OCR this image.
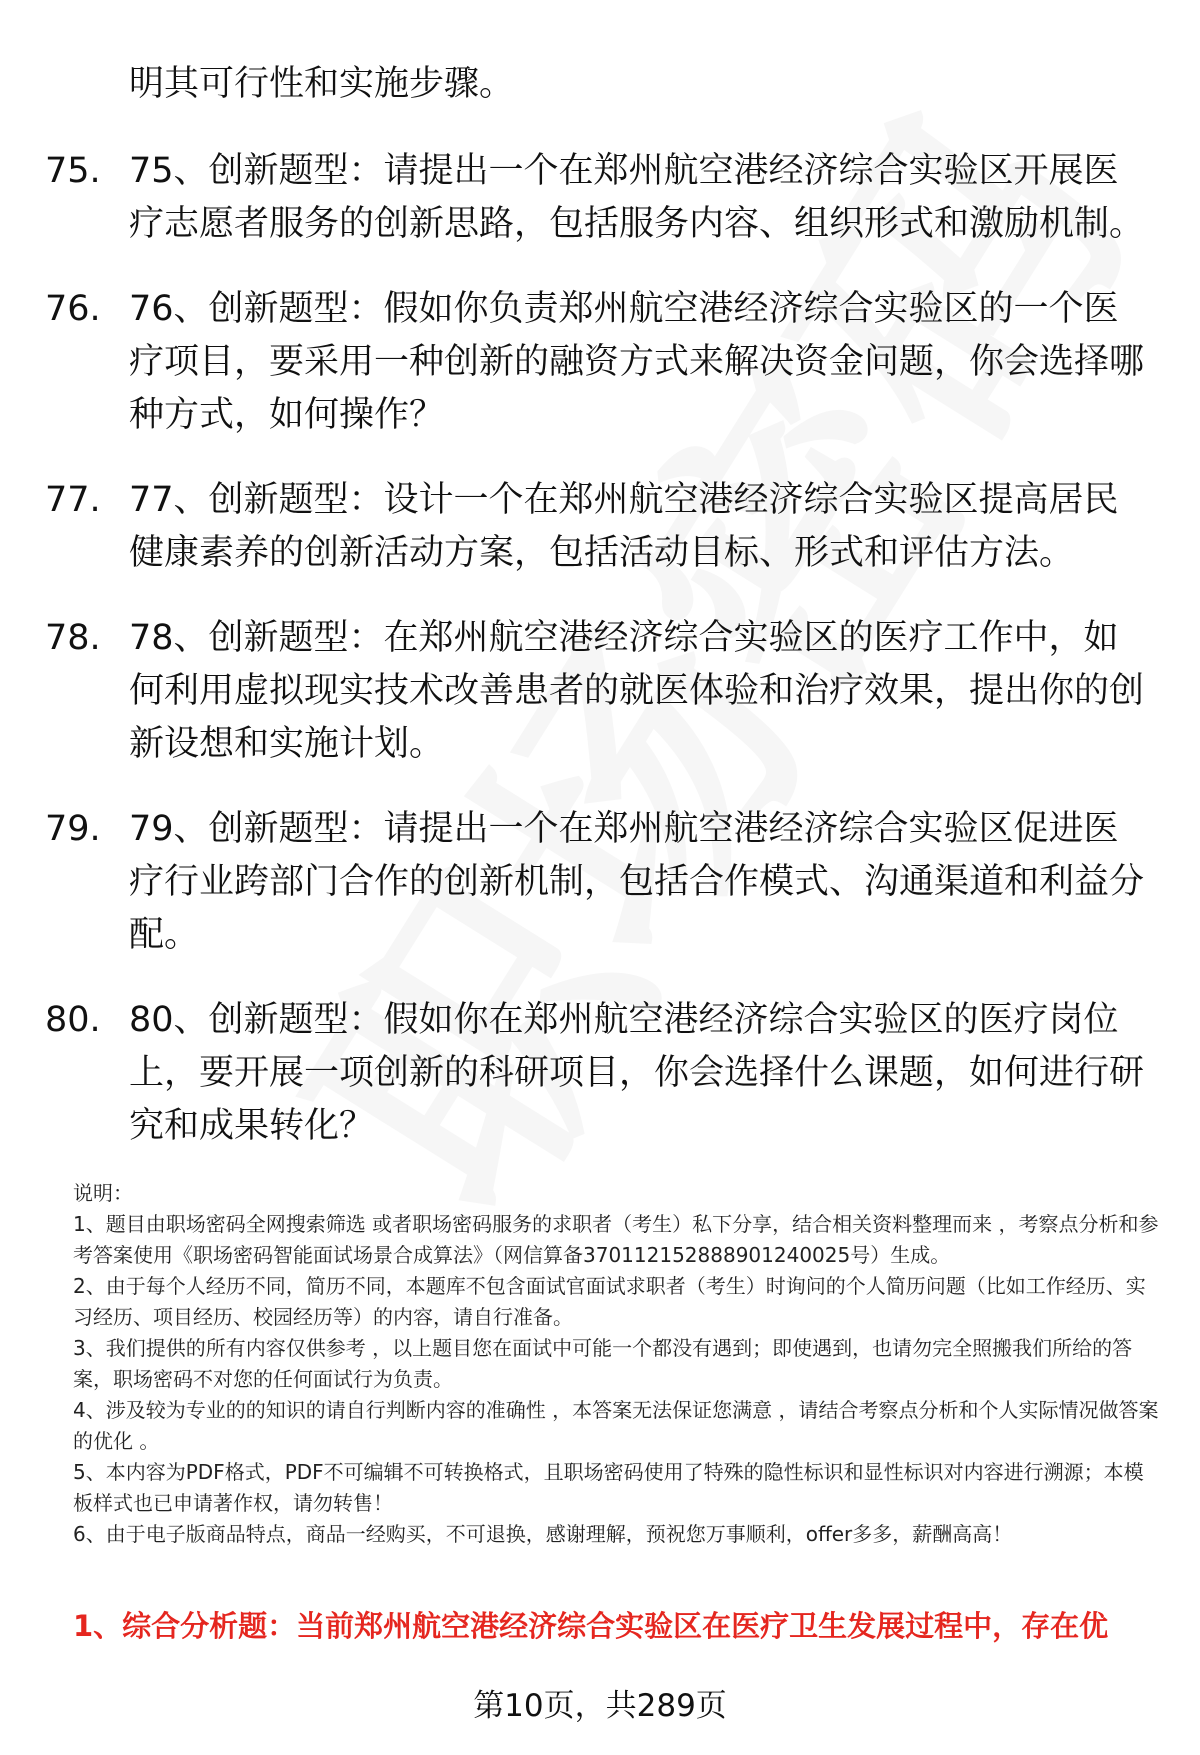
明其可行性和实施步骤。
75. 75、创新题型：请提出一个在郑州航空港经济综合实验区开展医疗志愿者服务的创新思路，包括服务内容、组织形式和激励机制。
76. 76、创新题型：假如你负责郑州航空港经济综合实验区的一个医疗项目，要采用一种创新的融资方式来解决资金问题，你会选择哪种方式，如何操作？
77. 77、创新题型：设计一个在郑州航空港经济综合实验区提高居民健康素养的创新活动方案，包括活动目标、形式和评估方法。
78. 78、创新题型：在郑州航空港经济综合实验区的医疗工作中，如何利用虚拟现实技术改善患者的就医体验和治疗效果，提出你的创新设想和实施计划。
79. 79、创新题型：请提出一个在郑州航空港经济综合实验区促进医疗行业跨部门合作的创新机制，包括合作模式、沟通渠道和利益分配。
80. 80、创新题型：假如你在郑州航空港经济综合实验区的医疗岗位上，要开展一项创新的科研项目，你会选择什么课题，如何进行研究和成果转化？
说明：
1、题目由职场密码全网搜索筛选 或者职场密码服务的求职者（考生）私下分享，结合相关资料整理而来 ，考察点分析和参考答案使用《职场密码智能面试场景合成算法》（网信算备370112152888901240025号）生成。
2、由于每个人经历不同，简历不同，本题库不包含面试官面试求职者（考生）时询问的个人简历问题（比如工作经历、实习经历、项目经历、校园经历等）的内容，请自行准备。
3、我们提供的所有内容仅供参考 ，以上题目您在面试中可能一个都没有遇到；即使遇到，也请勿完全照搬我们所给的答案，职场密码不对您的任何面试行为负责。
4、涉及较为专业的的知识的请自行判断内容的准确性 ，本答案无法保证您满意 ，请结合考察点分析和个人实际情况做答案的优化 。
5、本内容为PDF格式，PDF不可编辑不可转换格式，且职场密码使用了特殊的隐性标识和显性标识对内容进行溯源；本模板样式也已申请著作权，请勿转售！
6、由于电子版商品特点，商品一经购买，不可退换，感谢理解，预祝您万事顺利，offer多多，薪酬高高！
1、综合分析题：当前郑州航空港经济综合实验区在医疗卫生发展过程中，存在优
第10页，共289页
